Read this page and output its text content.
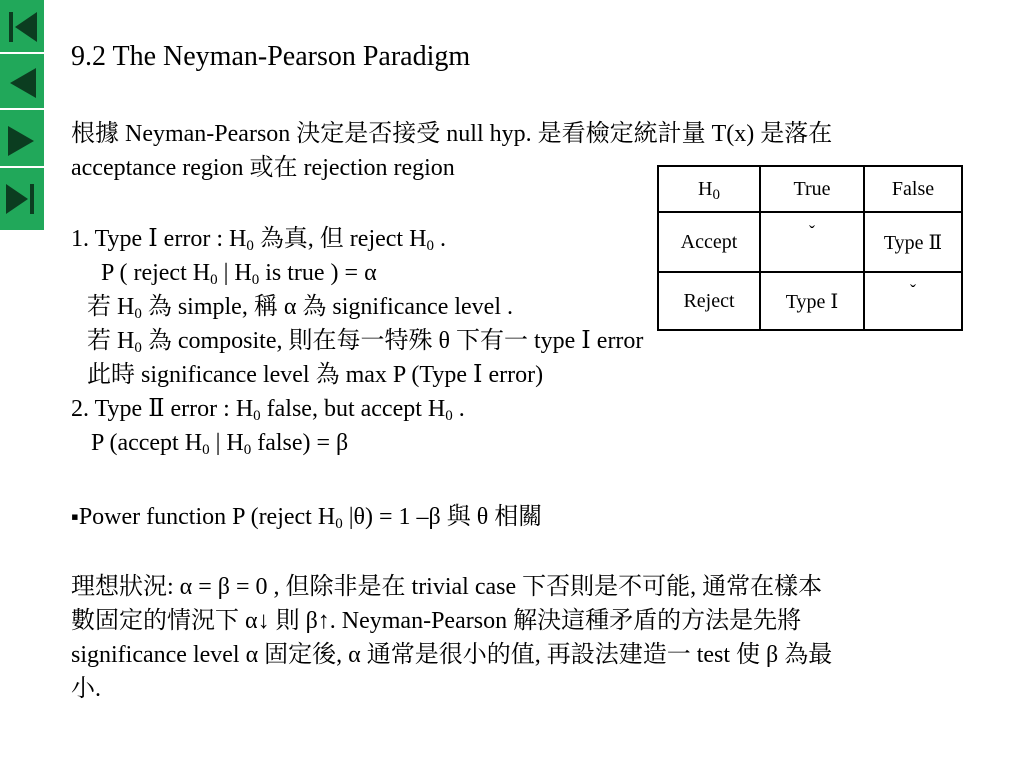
9.2 The Neyman-Pearson Paradigm
根據 Neyman-Pearson 決定是否接受 null hyp. 是看檢定統計量 T(x) 是落在
acceptance region 或在 rejection region
1. Type Ⅰ error : $H_0$ 為真, 但 reject $H_0$ .
P ( reject $H_0$ | $H_0$ is true ) = α
若 $H_0$ 為 simple, 稱 α 為 significance level .
若 $H_0$ 為 composite, 則在每一特殊 θ 下有一 type Ⅰ error
此時 significance level 為 max P (Type Ⅰ error)
2. Type Ⅱ error : $H_0$ false, but accept $H_0$ .
P (accept $H_0$ | $H_0$ false) = β
▪Power function P (reject $H_0$ |θ) = 1 –β 與 θ 相關
理想狀況: α = β = 0 , 但除非是在 trivial case 下否則是不可能, 通常在樣本
數固定的情況下 α↓ 則 β↑. Neyman-Pearson 解決這種矛盾的方法是先將
significance level α 固定後, α 通常是很小的值, 再設法建造一 test 使 β 為最
小.
$H_0$	True	False
Accept	ˇ	Type Ⅱ
Reject	Type Ⅰ	ˇ
